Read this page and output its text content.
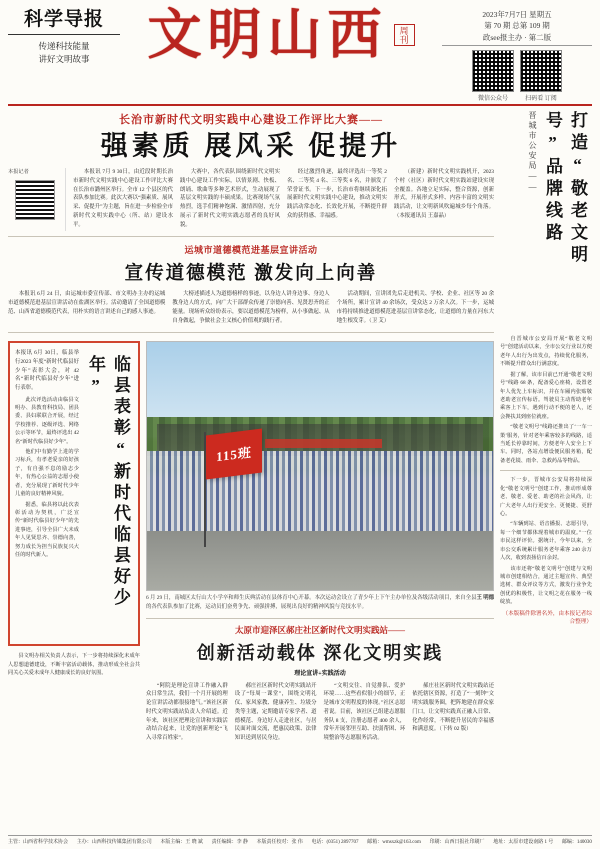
科学导报
传递科技能量
讲好文明故事	文明山西	周刊
2023年7月7日 星期五
第 70 期 总第 109 期
政see报主办 · 第二版
微信公众号	扫码看 订阅
长治市新时代文明实践中心建设工作评比大赛——
强素质 展风采 促提升
本报记者	本报讯 7月 9 30日，由近段时期长治市新时代文明实践中心建设工作评比大赛在长治市潞州区举行。全市 12 个县区的代表队参加比赛。此次大赛以“强素质、展风采、促提升”为主题，旨在进一步检验全市新时代文明实践中心（所、站）建设水平。

大赛中，各代表队围绕新时代文明实践中心建设工作实际，以情景剧、快板、朗诵、歌曲等多种艺术形式，生动展现了基层文明实践的丰硕成果。比赛现场气氛热烈，选手们精神饱满、激情四射，充分展示了新时代文明实践志愿者的良好风貌。

经过激烈角逐，最终评选出一等奖 2 名、二等奖 4 名、三等奖 6 名，并颁发了荣誉证书。下一步，长治市将继续深化拓展新时代文明实践中心建设，推动文明实践活动常态化、长效化开展，不断提升群众的获得感、幸福感。

（新建）新时代文明实践机开，2023 个村（社区）新时代文明实践站建设实现全覆盖。各地立足实际，整合资源，创新形式，开展形式多样、内容丰富的文明实践活动，让文明新风吹遍城乡每个角落。（本报通讯员 王嘉晶）

运城市道德模范进基层宣讲活动
宣传道德模范 激发向上向善

本报讯 6月 24 日，由运城市委宣传部、市文明办主办的运城市道德模范进基层宣讲活动在盐湖区举行。活动邀请了全国道德模范、山西省道德模范代表，用朴实的语言讲述自己的感人事迹。

大榜述描述人为道德榜样的事迹，以身边人讲身边事、身边人教身边人的方式，向广大干部群众传递了崇德向善、见贤思齐的正能量。现场听众纷纷表示，要以道德模范为榜样，从小事做起、从自身做起，争做社会主义核心价值观的践行者。

活动期间，宣讲团先后走进机关、学校、企业、社区等 20 余个场所，累计宣讲 40 余场次，受众达 2 万余人次。下一步，运城市将持续推进道德模范进基层宣讲常态化，让道德的力量在河东大地生根发芽。（卫 艾）

临县表彰“新时代临县好少年”
本报讯 6月 30日，临县举行2023 年度“新时代临县好少年”表彰大会，对 42 名“新时代临县好少年”进行表彰。

此次评选活动由临县文明办、县教育科技局、团县委、县妇联联合开展，经过学校推荐、逐级评选、网络公示等环节，最终评选出 42 名“新时代临县好少年”。

他们中有勤学上进的学习标兵，有孝老爱亲的好孩子，有自强不息的励志少年，有热心公益的志愿小使者，充分展现了新时代少年儿童的良好精神风貌。

据悉，临县将以此次表彰活动为契机，广泛宣传“新时代临县好少年”的先进事迹，引导全县广大未成年人见贤思齐、崇德向善，努力成长为担当民族复兴大任的时代新人。

县文明办相关负责人表示，下一步将持续深化未成年人思想道德建设，不断丰富活动载体，推动形成全社会共同关心关爱未成年人健康成长的良好氛围。

115班
王 明德
6 月 29 日，南城区太行山大小学卒和师生庆典活动在县体育中心开幕。本次运动会设立了青少年上下午主办单位及各级活动项目，来自全县的各代表队参加了比赛，运动员们奋勇争先、顽强拼搏，展现出良好的精神风貌与竞技水平。
太原市迎泽区郝庄社区新时代文明实践站——
创新活动载体 深化文明实践
理论宣讲+实践活动

“阿院是理论宣讲工作融入群众日常生活，我们一个月开展的理论宣讲活动都很接地气。”该社区新时代文明实践站负责人介绍道。近年来，该社区把理论宣讲和实践活动结合起来，让党的创新理论“飞入寻常百姓家”。

郝庄社区新时代文明实践站开设了“每周一课堂”，围绕文明礼仪、家风家教、健康养生、垃圾分类等主题，定期邀请专家学者、道德模范、身边好人走进社区，与居民面对面交流，把惠民政策、法律知识送到居民身边。

“文明交往、自觉排队、爱护环境……这些看似很小的细节，正是城市文明程度的体现。”社区志愿者说。目前，该社区已组建志愿服务队 8 支，注册志愿者 400 余人，常年开展邻里互助、扶弱帮困、环境整治等志愿服务活动。

郝庄社区新时代文明实践站还依托辖区资源，打造了“一刻钟”文明实践服务圈，把阵地建在群众家门口，让文明实践真正融入日常、化作经常，不断提升居民的幸福感和满意度。（下转 02 版）

打造“敬老文明号”品牌线路
晋城市公安局——

自晋城市公安局开展“敬老文明号”创建活动以来，全市公交行业以方便老年人出行为出发点，持续优化服务，不断提升群众出行满意度。

据了解，该市目前已开通“敬老文明号”线路 68 条，配备爱心座椅，设置老年人优先上车标识，并在车厢内张贴敬老助老宣传标语。驾驶员主动帮助老年乘客上下车，遇到行动不便的老人，还会搀扶其到座位就座。

“敬老文明号”线路还推出了‘一车一策’服务，针对老年乘客较多的线路，适当延长停靠时间，方便老年人安全上下车。同时，各站点增设便民服务箱，配备老花镜、雨伞、急救药品等物品。

下一步，晋城市公安局将持续深化“敬老文明号”创建工作，推动形成尊老、敬老、爱老、助老的社会风尚，让广大老年人出行更安全、更便捷、更舒心。

“车辆到站、语音播报、志愿引导，每一个细节都体现着城市的温度。”一位市民这样评价。据统计，今年以来，全市公交系统累计服务老年乘客 240 余万人次，收到表扬信百余封。

该市还将“敬老文明号”创建与文明城市创建相结合，通过主题宣传、典型选树、群众评议等方式，激发行业争先创优的积极性，让文明之花在服务一线绽放。

（本版稿件除署名外，由本报记者综合整理）
主管：山西省科学技术协会 主办：山西科技传媒集团有限公司 本版主编：王 晓 斌 责任编辑：李 静 本版责任校对：张 伟 电话：(0351) 2897707 邮箱：wmsxzk@163.com 印刷：山西日报社印刷厂 地址：太原市建设南路 1 号 邮编：140030
